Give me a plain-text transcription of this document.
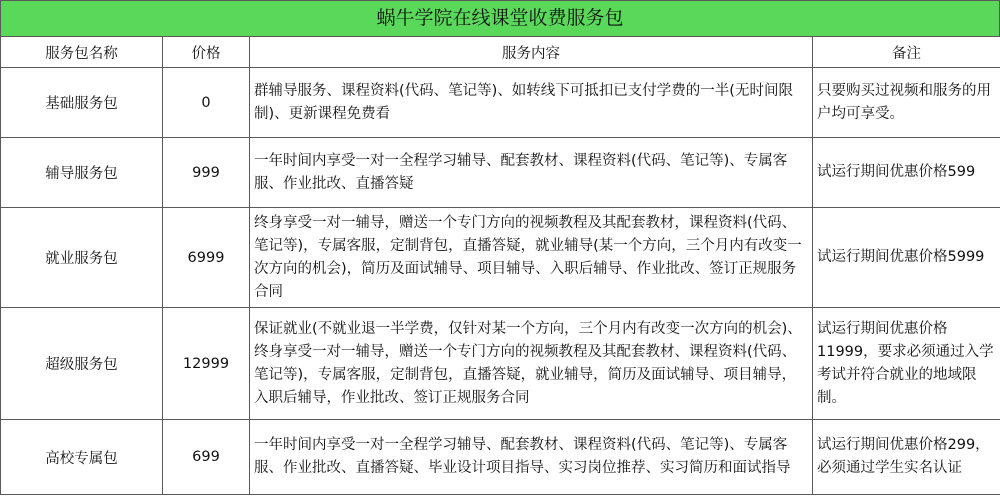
蜗牛学院在线课堂收费服务包
服务包名称	价格	服务内容	备注
基础服务包	0	群辅导服务、课程资料(代码、笔记等)、如转线下可抵扣已支付学费的一半(无时间限制)、更新课程免费看	只要购买过视频和服务的用户均可享受。
辅导服务包	999	一年时间内享受一对一全程学习辅导、配套教材、课程资料(代码、笔记等)、专属客服、作业批改、直播答疑	试运行期间优惠价格599
就业服务包	6999	终身享受一对一辅导，赠送一个专门方向的视频教程及其配套教材，课程资料(代码、笔记等)，专属客服，定制背包，直播答疑，就业辅导(某一个方向，三个月内有改变一次方向的机会)，简历及面试辅导、项目辅导、入职后辅导、作业批改、签订正规服务合同	试运行期间优惠价格5999
超级服务包	12999	保证就业(不就业退一半学费，仅针对某一个方向，三个月内有改变一次方向的机会)、终身享受一对一辅导，赠送一个专门方向的视频教程及其配套教材、课程资料(代码、笔记等)，专属客服，定制背包，直播答疑，就业辅导，简历及面试辅导、项目辅导，入职后辅导，作业批改、签订正规服务合同	试运行期间优惠价格11999，要求必须通过入学考试并符合就业的地域限制。
高校专属包	699	一年时间内享受一对一全程学习辅导、配套教材、课程资料(代码、笔记等)、专属客服、作业批改、直播答疑、毕业设计项目指导、实习岗位推荐、实习简历和面试指导	试运行期间优惠价格299，必须通过学生实名认证
